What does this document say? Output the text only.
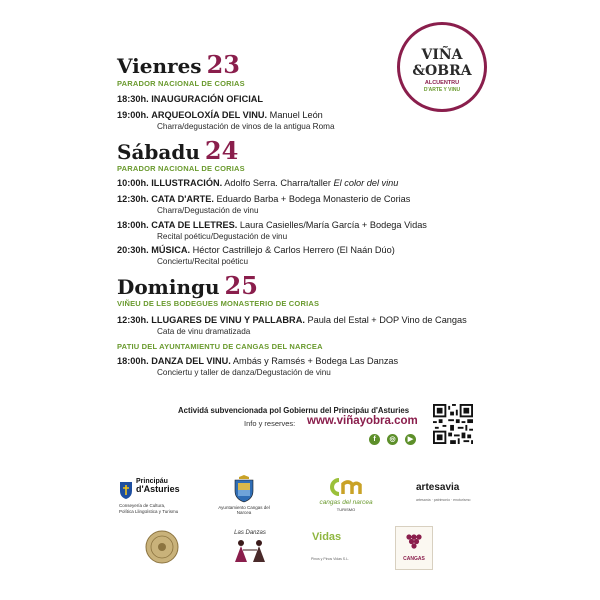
VIÑA
&OBRA
ALCUENTRU
D'ARTE Y VINU
Vienres 23
PARADOR NACIONAL DE CORIAS
18:30h. INAUGURACIÓN OFICIAL
19:00h. ARQUEOLOXÍA DEL VINU. Manuel León
Charra/degustación de vinos de la antigua Roma
Sábadu 24
PARADOR NACIONAL DE CORIAS
10:00h. ILLUSTRACIÓN. Adolfo Serra. Charra/taller El color del vinu
12:30h. CATA D'ARTE. Eduardo Barba + Bodega Monasterio de Corias
Charra/Degustación de vinu
18:00h. CATA DE LLETRES. Laura Casielles/María García + Bodega Vidas
Recital poéticu/Degustación de vinu
20:30h. MÚSICA. Héctor Castrillejo & Carlos Herrero (El Naán Dúo)
Conciertu/Recital poéticu
Domingu 25
VIÑEU DE LES BODEGUES MONASTERIO DE CORIAS
12:30h. LLUGARES DE VINU Y PALLABRA. Paula del Estal + DOP Vino de Cangas
Cata de vinu dramatizada
PATIU DEL AYUNTAMIENTU DE CANGAS DEL NARCEA
18:00h. DANZA DEL VINU. Ambás y Ramsés + Bodega Las Danzas
Conciertu y taller de danza/Degustación de vinu
Actividá subvencionada pol Gobiernu del Principáu d'Asturies
Info y reserves: www.viñayobra.com
f	◎	▶
Principáu
d'Asturies
Conseyería de Cultura, Política Llingüística y Turismu
Ayuntamiento Cangas del Narcea
cangas del narcea
TURISMO
artesavia
artesanía · patrimonio · enoturismo
Las Danzas	Vidas
Pinos y Pinos Vidas S.L.	CANGAS
